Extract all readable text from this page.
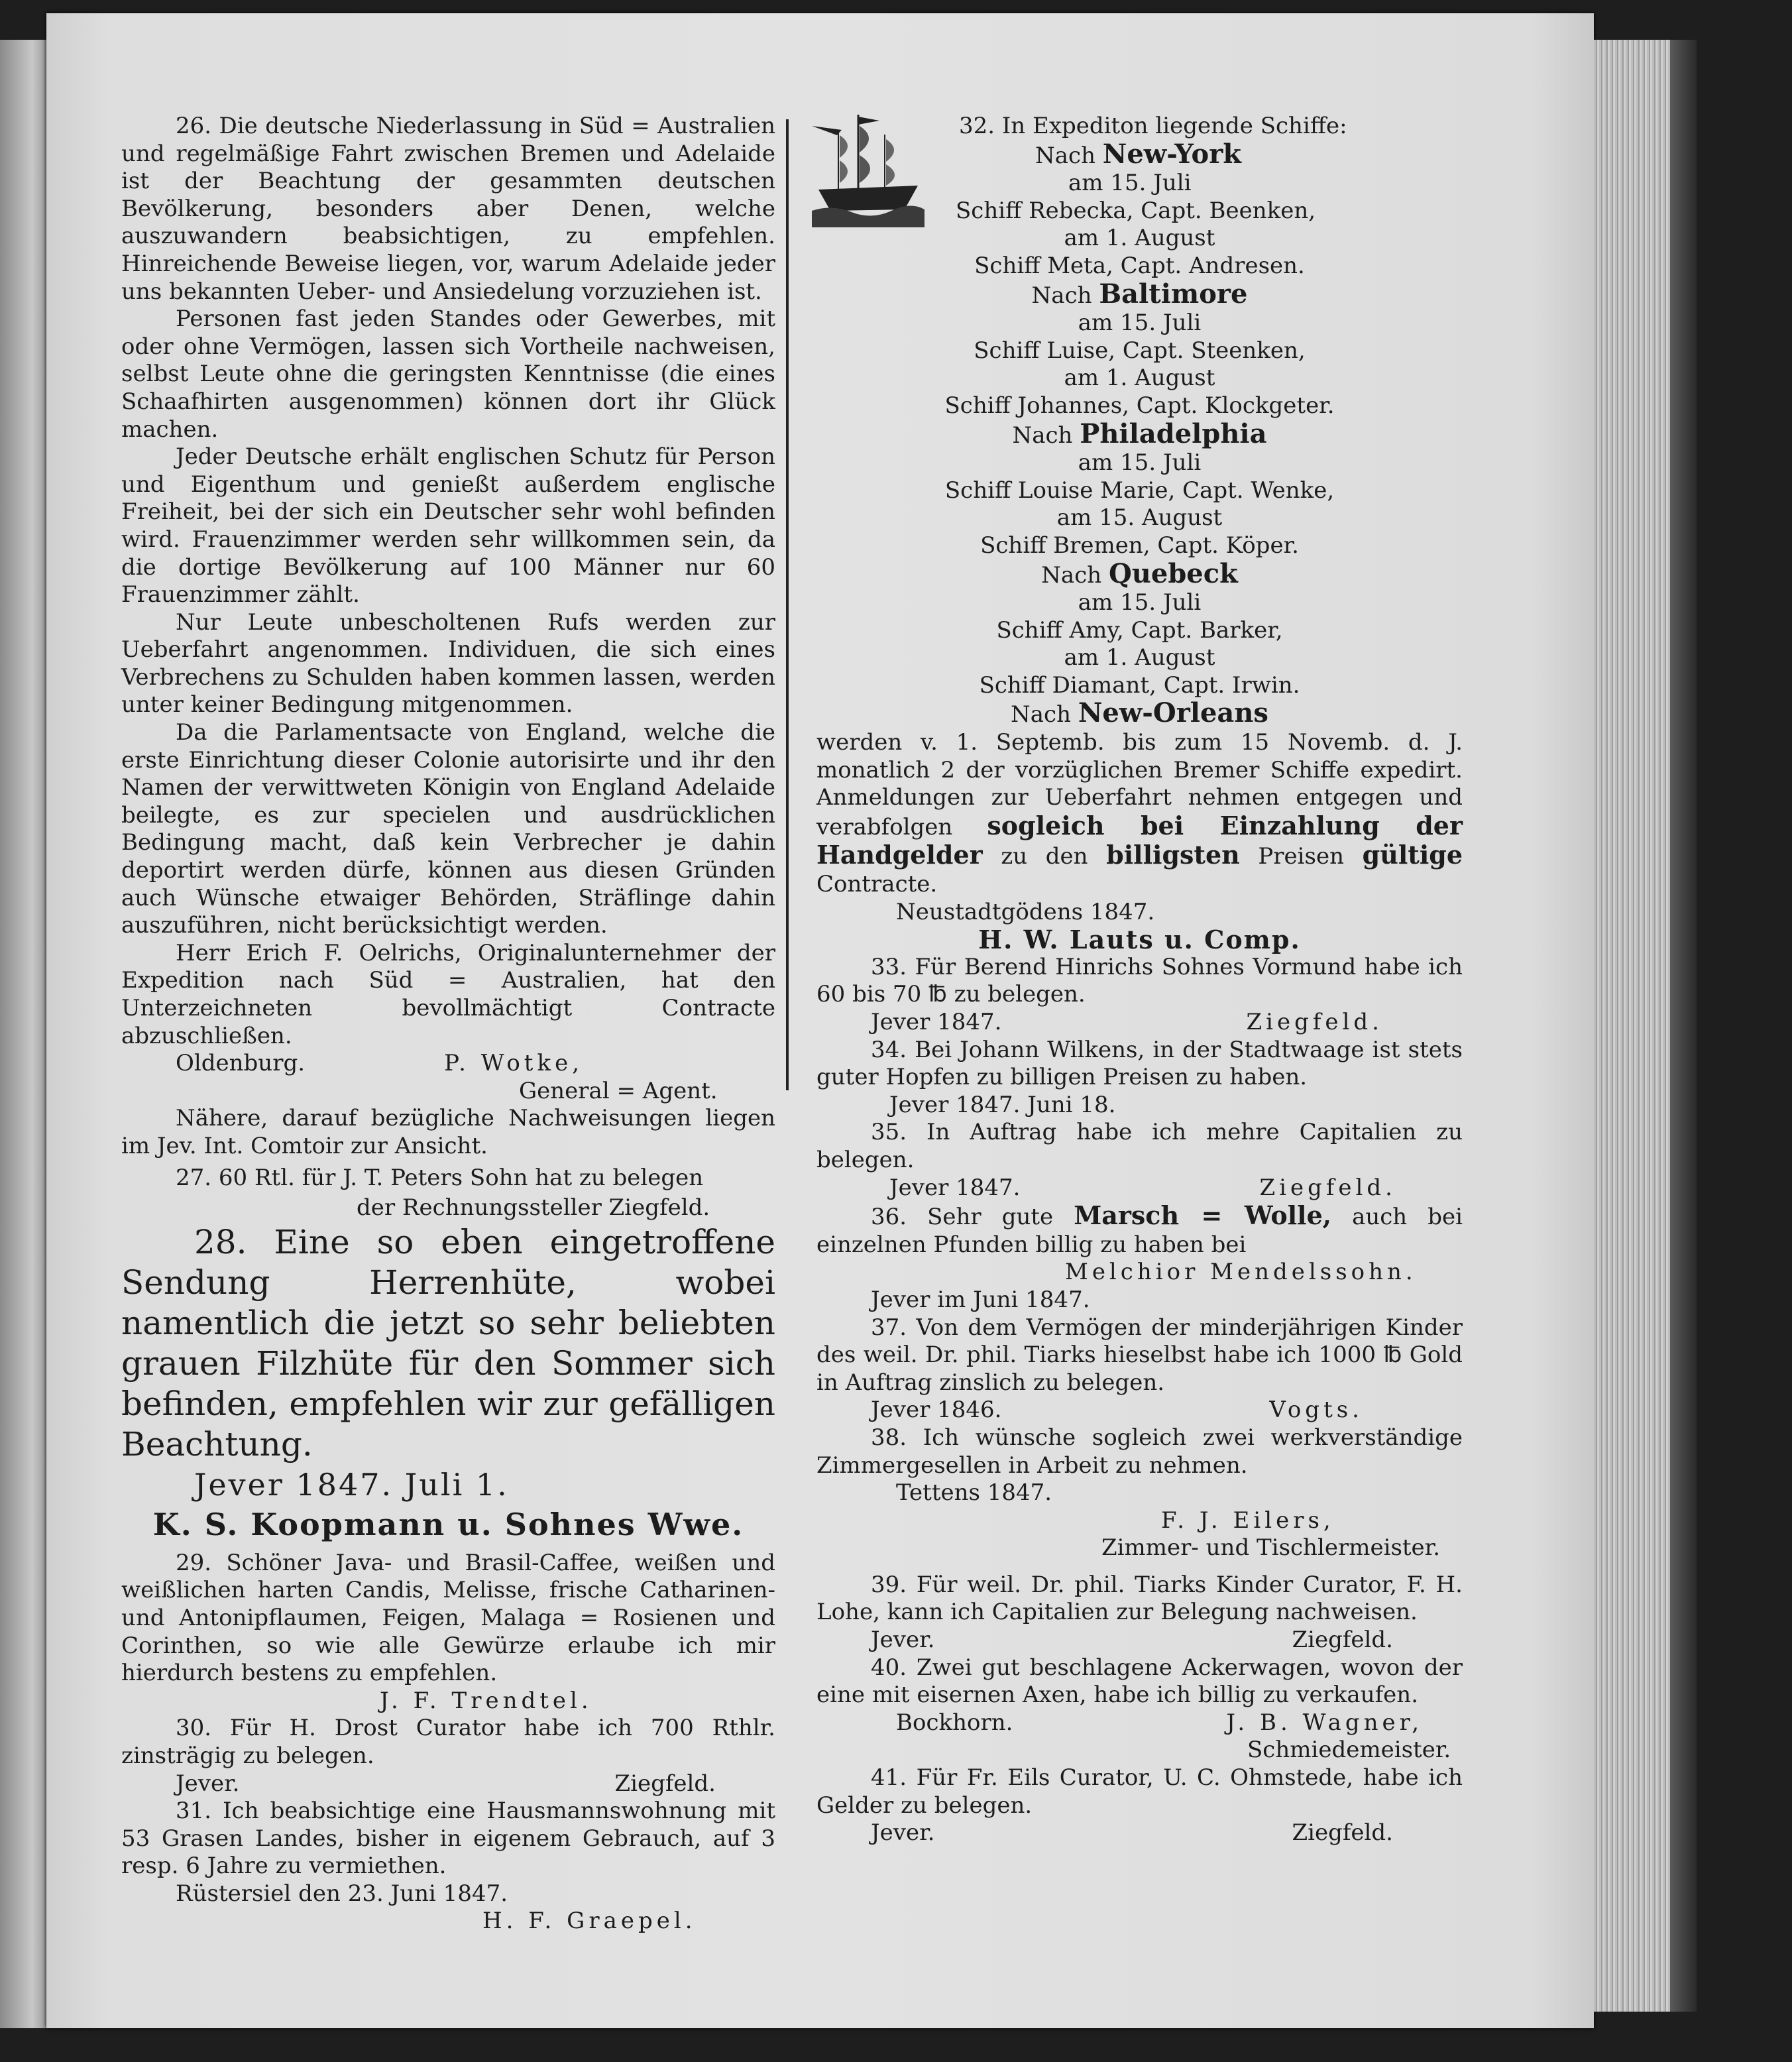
26. Die deutsche Niederlassung in Süd = Australien und regelmäßige Fahrt zwischen Bremen und Adelaide ist der Beachtung der gesammten deutschen Bevölkerung, besonders aber Denen, welche auszuwandern beabsichtigen, zu empfehlen. Hinreichende Beweise liegen, vor, warum Adelaide jeder uns bekannten Ueber- und Ansiedelung vorzuziehen ist.

Personen fast jeden Standes oder Gewerbes, mit oder ohne Vermögen, lassen sich Vortheile nachweisen, selbst Leute ohne die geringsten Kenntnisse (die eines Schaafhirten ausgenommen) können dort ihr Glück machen.

Jeder Deutsche erhält englischen Schutz für Person und Eigenthum und genießt außerdem englische Freiheit, bei der sich ein Deutscher sehr wohl befinden wird. Frauenzimmer werden sehr willkommen sein, da die dortige Bevölkerung auf 100 Männer nur 60 Frauenzimmer zählt.

Nur Leute unbescholtenen Rufs werden zur Ueberfahrt angenommen. Individuen, die sich eines Verbrechens zu Schulden haben kommen lassen, werden unter keiner Bedingung mitgenommen.

Da die Parlamentsacte von England, welche die erste Einrichtung dieser Colonie autorisirte und ihr den Namen der verwittweten Königin von England Adelaide beilegte, es zur specielen und ausdrücklichen Bedingung macht, daß kein Verbrecher je dahin deportirt werden dürfe, können aus diesen Gründen auch Wünsche etwaiger Behörden, Sträflinge dahin auszuführen, nicht berücksichtigt werden.

Herr Erich F. Oelrichs, Originalunternehmer der Expedition nach Süd = Australien, hat den Unterzeichneten bevollmächtigt Contracte abzuschließen.

Oldenburg.	P. Wotke,

General = Agent.

Nähere, darauf bezügliche Nachweisungen liegen im Jev. Int. Comtoir zur Ansicht.

27. 60 Rtl. für J. T. Peters Sohn hat zu belegen

der Rechnungssteller Ziegfeld.

28. Eine so eben eingetroffene Sendung Herrenhüte, wobei namentlich die jetzt so sehr beliebten grauen Filzhüte für den Sommer sich befinden, empfehlen wir zur gefälligen Beachtung.

Jever 1847. Juli 1.

K. S. Koopmann u. Sohnes Wwe.

29. Schöner Java- und Brasil-Caffee, weißen und weißlichen harten Candis, Melisse, frische Catharinen- und Antonipflaumen, Feigen, Malaga = Rosienen und Corinthen, so wie alle Gewürze erlaube ich mir hierdurch bestens zu empfehlen.

J. F. Trendtel.

30. Für H. Drost Curator habe ich 700 Rthlr. zinsträgig zu belegen.

Jever.	Ziegfeld.

31. Ich beabsichtige eine Hausmannswohnung mit 53 Grasen Landes, bisher in eigenem Gebrauch, auf 3 resp. 6 Jahre zu vermiethen.

Rüstersiel den 23. Juni 1847.

H. F. Graepel.

32. In Expediton liegende Schiffe:

Nach New-York

am 15. Juli

Schiff Rebecka, Capt. Beenken,

am 1. August

Schiff Meta, Capt. Andresen.

Nach Baltimore

am 15. Juli

Schiff Luise, Capt. Steenken,

am 1. August

Schiff Johannes, Capt. Klockgeter.

Nach Philadelphia

am 15. Juli

Schiff Louise Marie, Capt. Wenke,

am 15. August

Schiff Bremen, Capt. Köper.

Nach Quebeck

am 15. Juli

Schiff Amy, Capt. Barker,

am 1. August

Schiff Diamant, Capt. Irwin.

Nach New-Orleans

werden v. 1. Septemb. bis zum 15 Novemb. d. J. monatlich 2 der vorzüglichen Bremer Schiffe expedirt. Anmeldungen zur Ueberfahrt nehmen entgegen und verabfolgen sogleich bei Einzahlung der Handgelder zu den billigsten Preisen gültige Contracte.

Neustadtgödens 1847.

H. W. Lauts u. Comp.

33. Für Berend Hinrichs Sohnes Vormund habe ich 60 bis 70 ℔ zu belegen.

Jever 1847.	Ziegfeld.

34. Bei Johann Wilkens, in der Stadtwaage ist stets guter Hopfen zu billigen Preisen zu haben.

Jever 1847. Juni 18.

35. In Auftrag habe ich mehre Capitalien zu belegen.

Jever 1847.	Ziegfeld.

36. Sehr gute Marsch = Wolle, auch bei einzelnen Pfunden billig zu haben bei

Melchior Mendelssohn.

Jever im Juni 1847.

37. Von dem Vermögen der minderjährigen Kinder des weil. Dr. phil. Tiarks hieselbst habe ich 1000 ℔ Gold in Auftrag zinslich zu belegen.

Jever 1846.	Vogts.

38. Ich wünsche sogleich zwei werkverständige Zimmergesellen in Arbeit zu nehmen.

Tettens 1847.

F. J. Eilers,

Zimmer- und Tischlermeister.

39. Für weil. Dr. phil. Tiarks Kinder Curator, F. H. Lohe, kann ich Capitalien zur Belegung nachweisen.

Jever.	Ziegfeld.

40. Zwei gut beschlagene Ackerwagen, wovon der eine mit eisernen Axen, habe ich billig zu verkaufen.

Bockhorn.	J. B. Wagner,

Schmiedemeister.

41. Für Fr. Eils Curator, U. C. Ohmstede, habe ich Gelder zu belegen.

Jever.	Ziegfeld.
